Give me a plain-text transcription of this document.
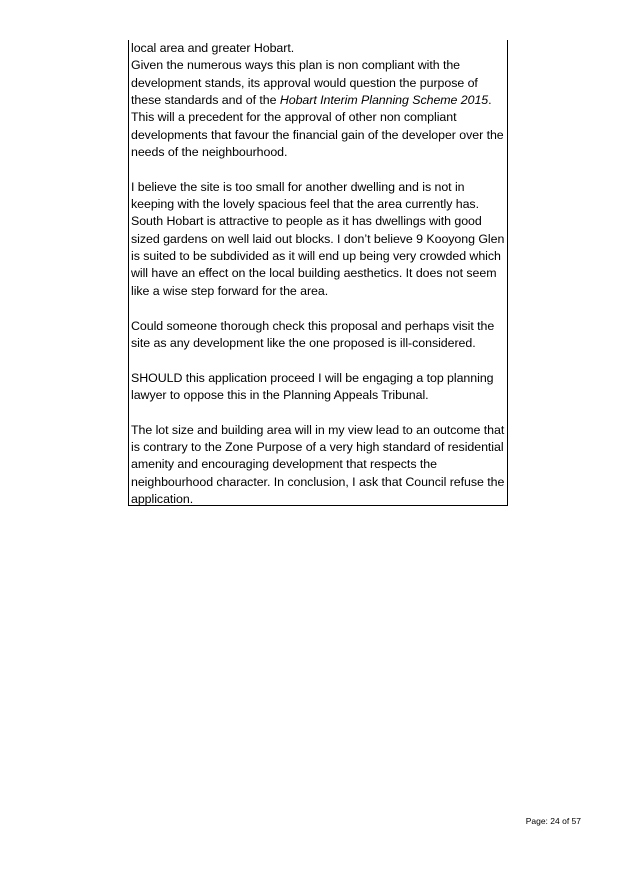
local area and greater Hobart.

Given the numerous ways this plan is non compliant with the development stands, its approval would question the purpose of these standards and of the Hobart Interim Planning Scheme 2015. This will a precedent for the approval of other non compliant developments that favour the financial gain of the developer over the needs of the neighbourhood.

I believe the site is too small for another dwelling and is not in keeping with the lovely spacious feel that the area currently has. South Hobart is attractive to people as it has dwellings with good sized gardens on well laid out blocks. I don’t believe 9 Kooyong Glen is suited to be subdivided as it will end up being very crowded which will have an effect on the local building aesthetics. It does not seem like a wise step forward for the area.

Could someone thorough check this proposal and perhaps visit the site as any development like the one proposed is ill-considered.

SHOULD this application proceed I will be engaging a top planning lawyer to oppose this in the Planning Appeals Tribunal.

The lot size and building area will in my view lead to an outcome that is contrary to the Zone Purpose of a very high standard of residential amenity and encouraging development that respects the neighbourhood character. In conclusion, I ask that Council refuse the application.

Page: 24 of 57
